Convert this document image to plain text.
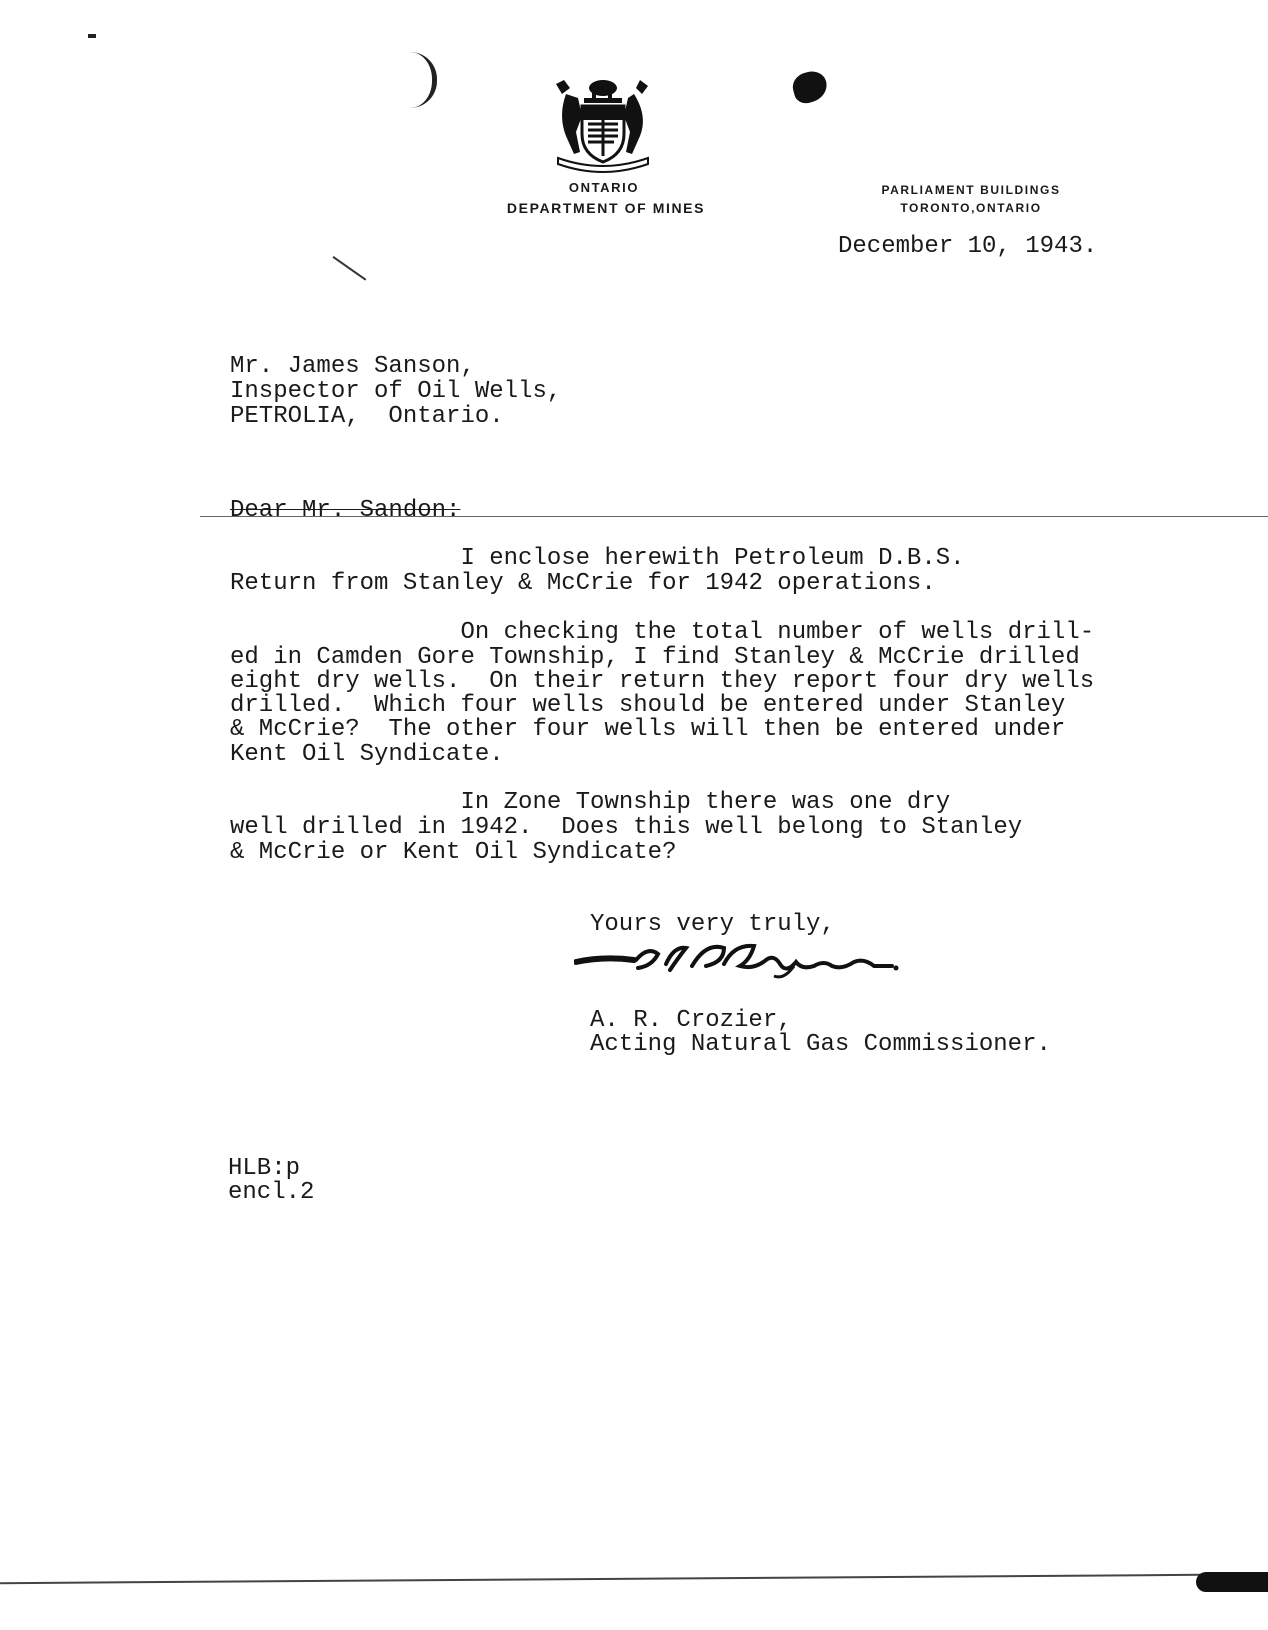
ONTARIO
DEPARTMENT OF MINES
PARLIAMENT BUILDINGS
TORONTO,ONTARIO
December 10, 1943.
Mr. James Sanson,
Inspector of Oil Wells,
PETROLIA,  Ontario.
Dear Mr. Sandon:
I enclose herewith Petroleum D.B.S.
Return from Stanley & McCrie for 1942 operations.
On checking the total number of wells drill-
ed in Camden Gore Township, I find Stanley & McCrie drilled
eight dry wells.  On their return they report four dry wells
drilled.  Which four wells should be entered under Stanley
& McCrie?  The other four wells will then be entered under
Kent Oil Syndicate.
In Zone Township there was one dry
well drilled in 1942.  Does this well belong to Stanley
& McCrie or Kent Oil Syndicate?
Yours very truly,
A. R. Crozier,
Acting Natural Gas Commissioner.
HLB:p
encl.2
